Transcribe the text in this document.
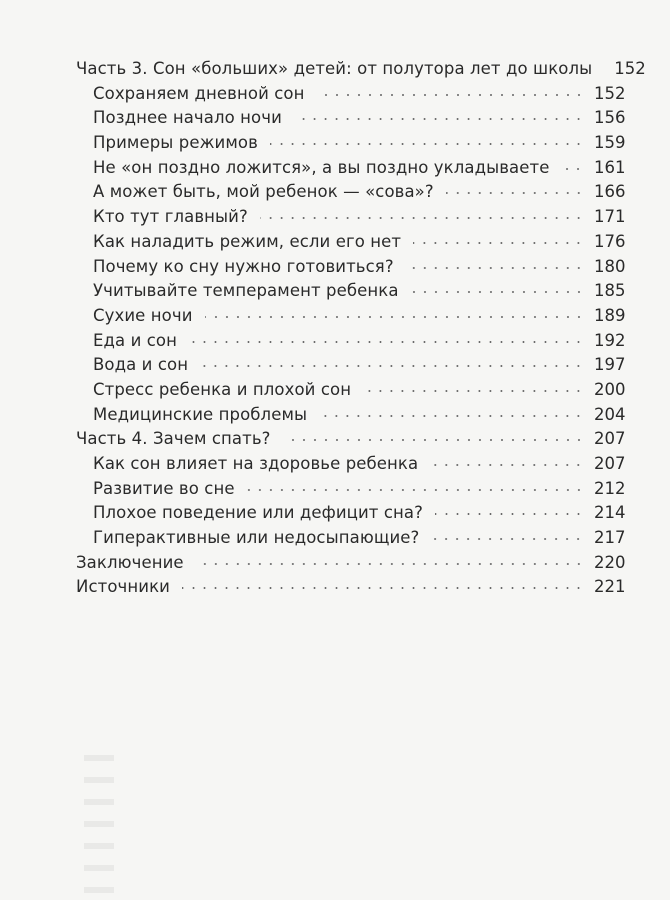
Часть 3. Сон «больших» детей: от полутора лет до школы 152
Сохраняем дневной сон	152
Позднее начало ночи	156
Примеры режимов	159
Не «он поздно ложится», а вы поздно укладываете	161
А может быть, мой ребенок — «сова»?	166
Кто тут главный?	171
Как наладить режим, если его нет	176
Почему ко сну нужно готовиться?	180
Учитывайте темперамент ребенка	185
Сухие ночи	189
Еда и сон	192
Вода и сон	197
Стресс ребенка и плохой сон	200
Медицинские проблемы	204
Часть 4. Зачем спать?	207
Как сон влияет на здоровье ребенка	207
Развитие во сне	212
Плохое поведение или дефицит сна?	214
Гиперактивные или недосыпающие?	217
Заключение	220
Источники	221
